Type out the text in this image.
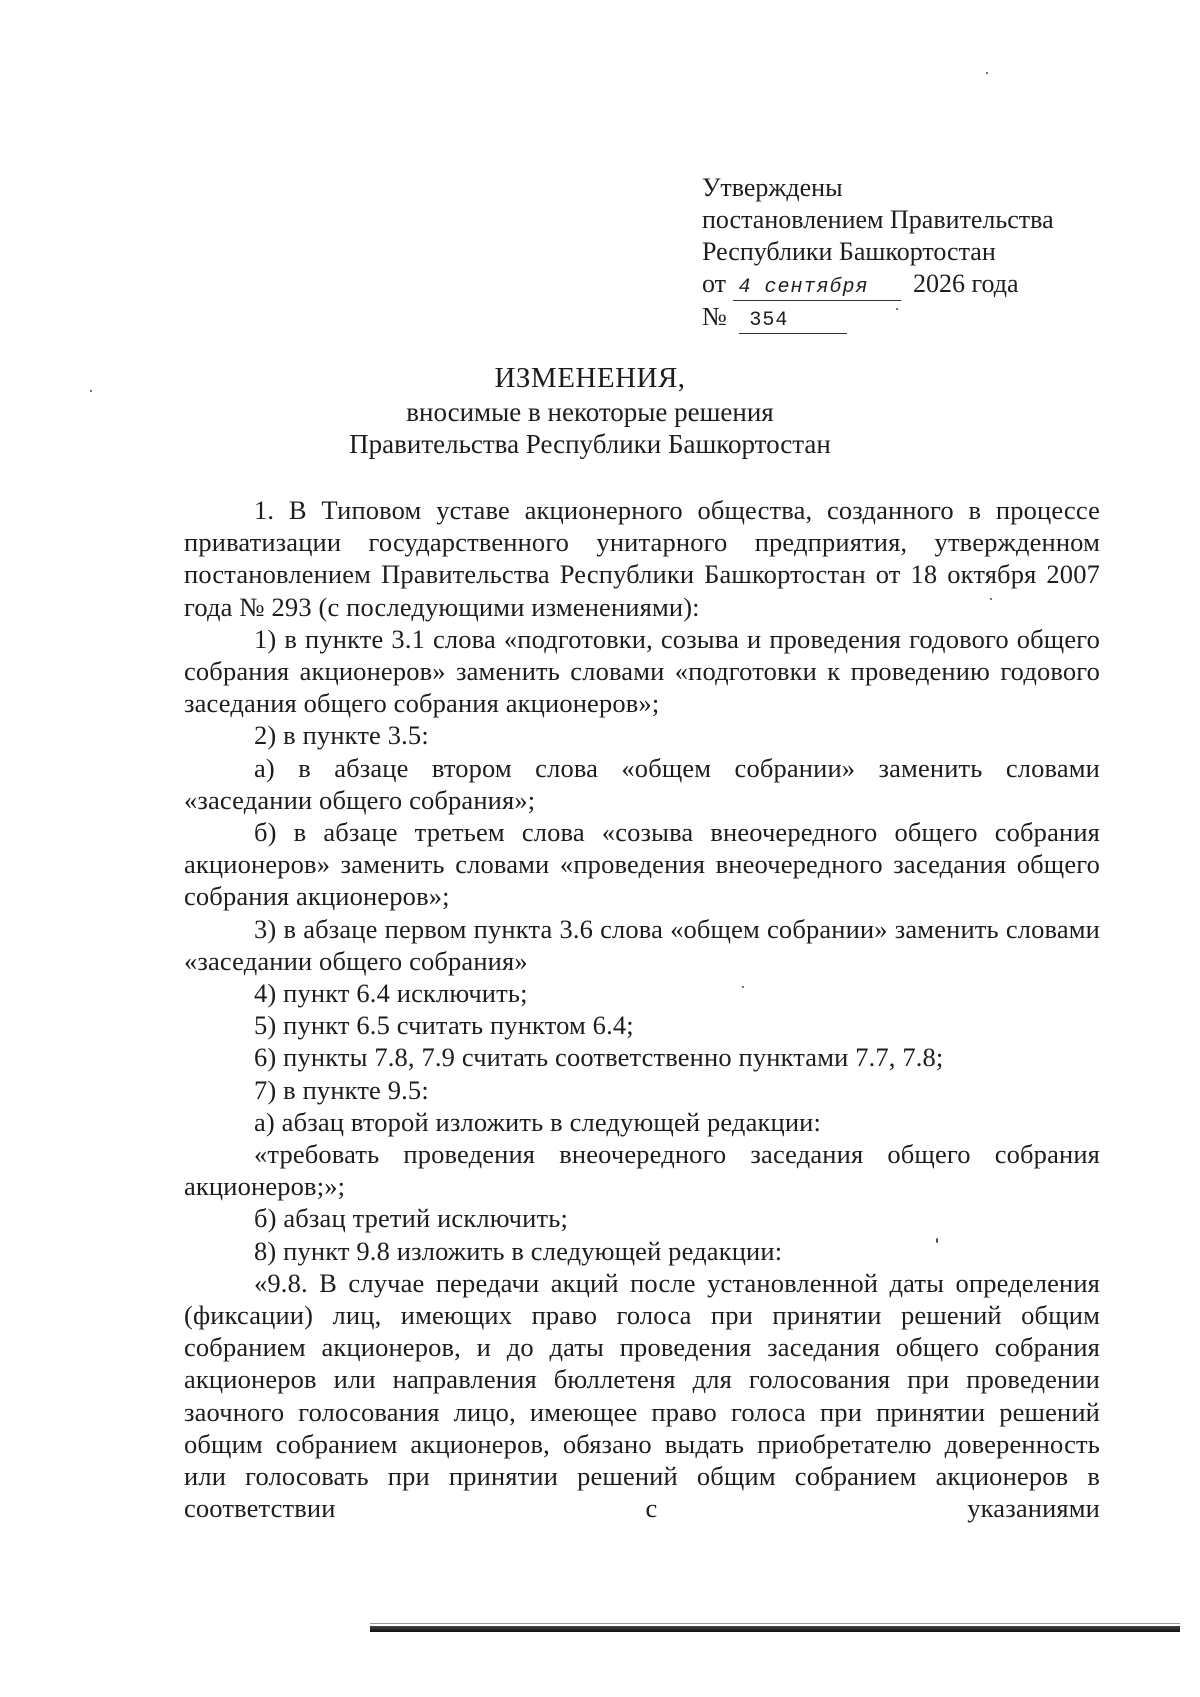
Утверждены
постановлением Правительства
Республики Башкортостан
от 4 сентября 2026 года
№ 354
ИЗМЕНЕНИЯ,
вносимые в некоторые решения
Правительства Республики Башкортостан

1. В Типовом уставе акционерного общества, созданного в процессе приватизации государственного унитарного предприятия, утвержденном постановлением Правительства Республики Башкортостан от 18 октября 2007 года № 293 (с последующими изменениями):

1) в пункте 3.1 слова «подготовки, созыва и проведения годового общего собрания акционеров» заменить словами «подготовки к проведению годового заседания общего собрания акционеров»;

2) в пункте 3.5:

а) в абзаце втором слова «общем собрании» заменить словами «заседании общего собрания»;

б) в абзаце третьем слова «созыва внеочередного общего собрания акционеров» заменить словами «проведения внеочередного заседания общего собрания акционеров»;

3) в абзаце первом пункта 3.6 слова «общем собрании» заменить словами «заседании общего собрания»

4) пункт 6.4 исключить;

5) пункт 6.5 считать пунктом 6.4;

6) пункты 7.8, 7.9 считать соответственно пунктами 7.7, 7.8;

7) в пункте 9.5:

а) абзац второй изложить в следующей редакции:

«требовать проведения внеочередного заседания общего собрания акционеров;»;

б) абзац третий исключить;

8) пункт 9.8 изложить в следующей редакции:

«9.8. В случае передачи акций после установленной даты определения (фиксации) лиц, имеющих право голоса при принятии решений общим собранием акционеров, и до даты проведения заседания общего собрания акционеров или направления бюллетеня для голосования при проведении заочного голосования лицо, имеющее право голоса при принятии решений общим собранием акционеров, обязано выдать приобретателю доверенность или голосовать при принятии решений общим собранием акционеров в соответствии с указаниями
